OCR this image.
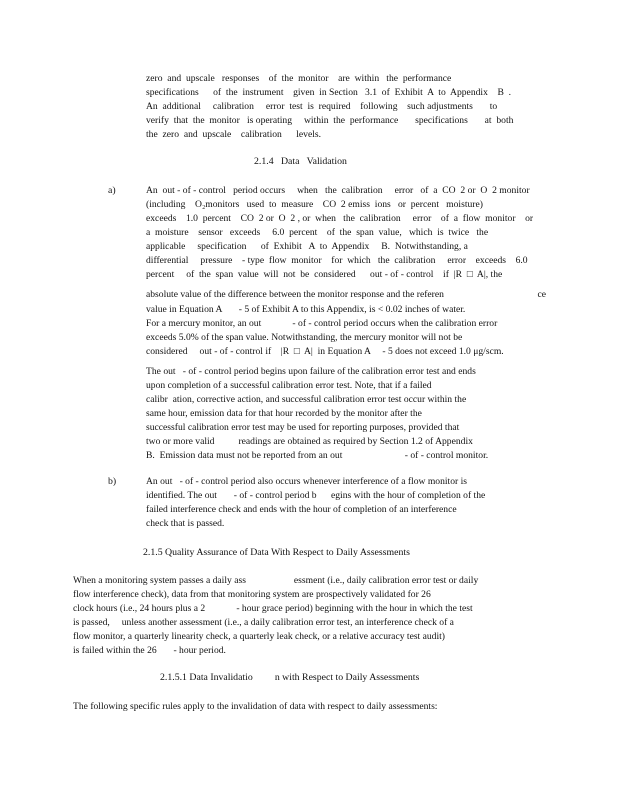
zero  and  upscale   responses    of  the  monitor    are  within   the  performance
specifications      of  the  instrument    given  in Section   3.1  of  Exhibit  A  to  Appendix    B  .
An  additional     calibration     error  test  is  required    following    such adjustments       to
verify  that  the  monitor   is operating     within  the  performance       specifications       at  both
the  zero  and  upscale    calibration      levels.
2.1.4   Data   Validation
a)	An  out - of - control   period occurs     when   the  calibration     error   of  a  CO  2 or  O  2 monitor
(including    O₂monitors   used  to  measure    CO  2 emiss  ions   or  percent   moisture)
exceeds    1.0  percent    CO  2 or  O  2 , or  when   the  calibration     error    of  a  flow  monitor    or
a  moisture    sensor   exceeds     6.0  percent    of  the  span  value,   which  is  twice   the
applicable     specification      of  Exhibit   A  to  Appendix     B.  Notwithstanding, a
differential     pressure    - type  flow  monitor    for  which   the  calibration     error    exceeds    6.0
percent     of  the  span  value  will  not  be  considered      out - of - control    if  |R  □  A|, the
absolute value of the difference between the monitor response and the referen                                       ce
value in Equation A       - 5 of Exhibit A to this Appendix, is < 0.02 inches of water.
For a mercury monitor, an out             - of - control period occurs when the calibration error
exceeds 5.0% of the span value. Notwithstanding, the mercury monitor will not be
considered     out - of - control if    |R  □  A|  in Equation A     - 5 does not exceed 1.0 μg/scm.
The out   - of - control period begins upon failure of the calibration error test and ends
upon completion of a successful calibration error test. Note, that if a failed
calibr  ation, corrective action, and successful calibration error test occur within the
same hour, emission data for that hour recorded by the monitor after the
successful calibration error test may be used for reporting purposes, provided that
two or more valid          readings are obtained as required by Section 1.2 of Appendix
B.  Emission data must not be reported from an out                          - of - control monitor.
b)	An out   - of - control period also occurs whenever interference of a flow monitor is
identified. The out       - of - control period b      egins with the hour of completion of the
failed interference check and ends with the hour of completion of an interference
check that is passed.
2.1.5 Quality Assurance of Data With Respect to Daily Assessments
When a monitoring system passes a daily ass                    essment (i.e., daily calibration error test or daily
flow interference check), data from that monitoring system are prospectively validated for 26
clock hours (i.e., 24 hours plus a 2             - hour grace period) beginning with the hour in which the test
is passed,     unless another assessment (i.e., a daily calibration error test, an interference check of a
flow monitor, a quarterly linearity check, a quarterly leak check, or a relative accuracy test audit)
is failed within the 26       - hour period.
2.1.5.1 Data Invalidatio         n with Respect to Daily Assessments
The following specific rules apply to the invalidation of data with respect to daily assessments:
